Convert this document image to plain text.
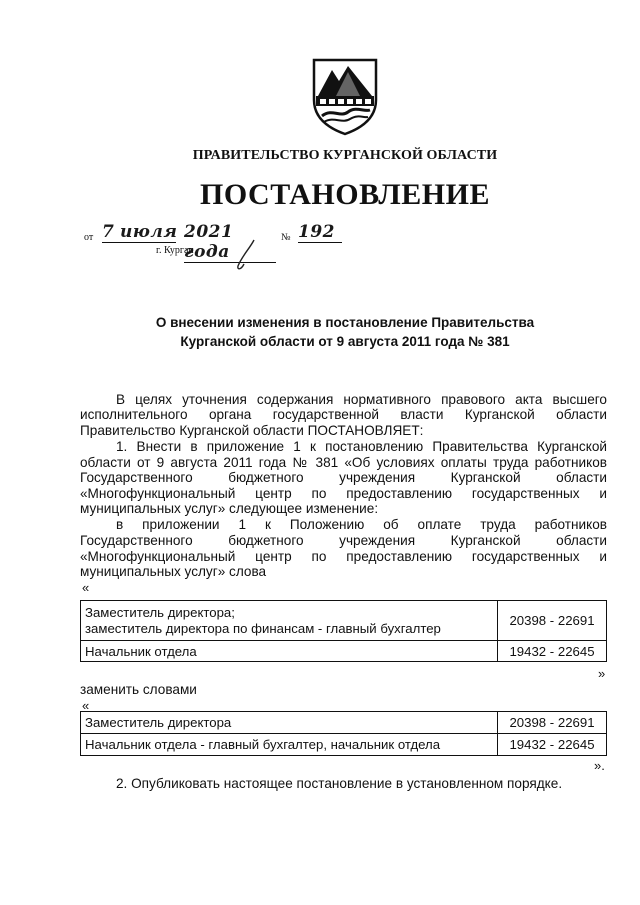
ПРАВИТЕЛЬСТВО КУРГАНСКОЙ ОБЛАСТИ
ПОСТАНОВЛЕНИЕ
от 7 июля 2021 года
№ 192
г. Курган
О внесении изменения в постановление Правительства
Курганской области от 9 августа 2011 года № 381
В целях уточнения содержания нормативного правового акта высшего
исполнительного органа государственной власти Курганской области
Правительство Курганской области ПОСТАНОВЛЯЕТ:
1. Внести в приложение 1 к постановлению Правительства Курганской
области от 9 августа 2011 года № 381 «Об условиях оплаты труда работников
Государственного бюджетного учреждения Курганской области
«Многофункциональный центр по предоставлению государственных и
муниципальных услуг» следующее изменение:
в приложении 1 к Положению об оплате труда работников
Государственного бюджетного учреждения Курганской области
«Многофункциональный центр по предоставлению государственных и
муниципальных услуг» слова
«
Заместитель директора;
заместитель директора по финансам - главный бухгалтер	20398 - 22691
Начальник отдела	19432 - 22645
»
заменить словами
«
Заместитель директора	20398 - 22691
Начальник отдела - главный бухгалтер, начальник отдела	19432 - 22645
».
2. Опубликовать настоящее постановление в установленном порядке.
